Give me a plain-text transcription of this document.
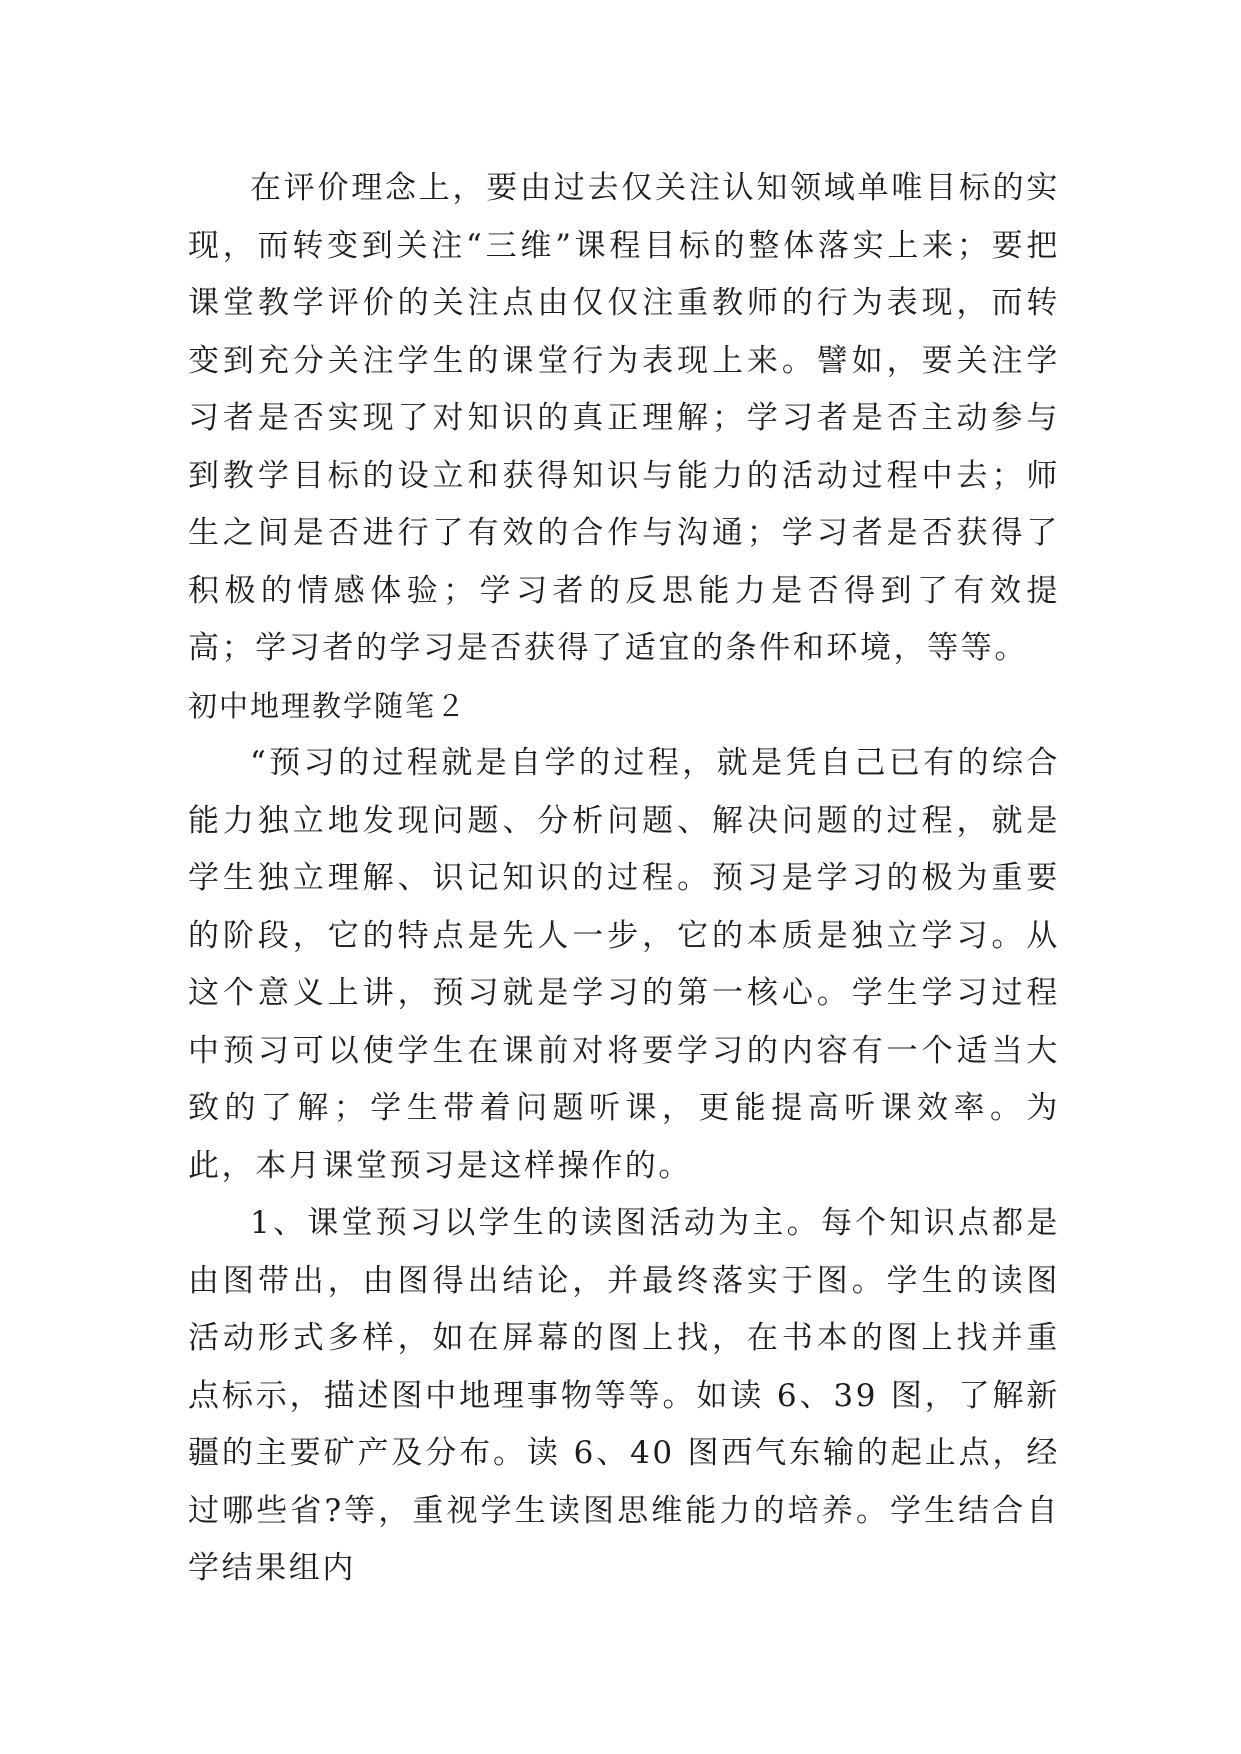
在评价理念上，要由过去仅关注认知领域单唯目标的实现，而转变到关注“三维”课程目标的整体落实上来；要把课堂教学评价的关注点由仅仅注重教师的行为表现，而转变到充分关注学生的课堂行为表现上来。譬如，要关注学习者是否实现了对知识的真正理解；学习者是否主动参与到教学目标的设立和获得知识与能力的活动过程中去；师生之间是否进行了有效的合作与沟通；学习者是否获得了积极的情感体验；学习者的反思能力是否得到了有效提高；学习者的学习是否获得了适宜的条件和环境，等等。

初中地理教学随笔２

“预习的过程就是自学的过程，就是凭自己已有的综合能力独立地发现问题、分析问题、解决问题的过程，就是学生独立理解、识记知识的过程。预习是学习的极为重要的阶段，它的特点是先人一步，它的本质是独立学习。从这个意义上讲，预习就是学习的第一核心。学生学习过程中预习可以使学生在课前对将要学习的内容有一个适当大致的了解；学生带着问题听课，更能提高听课效率。为此，本月课堂预习是这样操作的。

1、课堂预习以学生的读图活动为主。每个知识点都是由图带出，由图得出结论，并最终落实于图。学生的读图活动形式多样，如在屏幕的图上找，在书本的图上找并重点标示，描述图中地理事物等等。如读 6、39 图，了解新疆的主要矿产及分布。读 6、40 图西气东输的起止点，经过哪些省?等，重视学生读图思维能力的培养。学生结合自学结果组内
